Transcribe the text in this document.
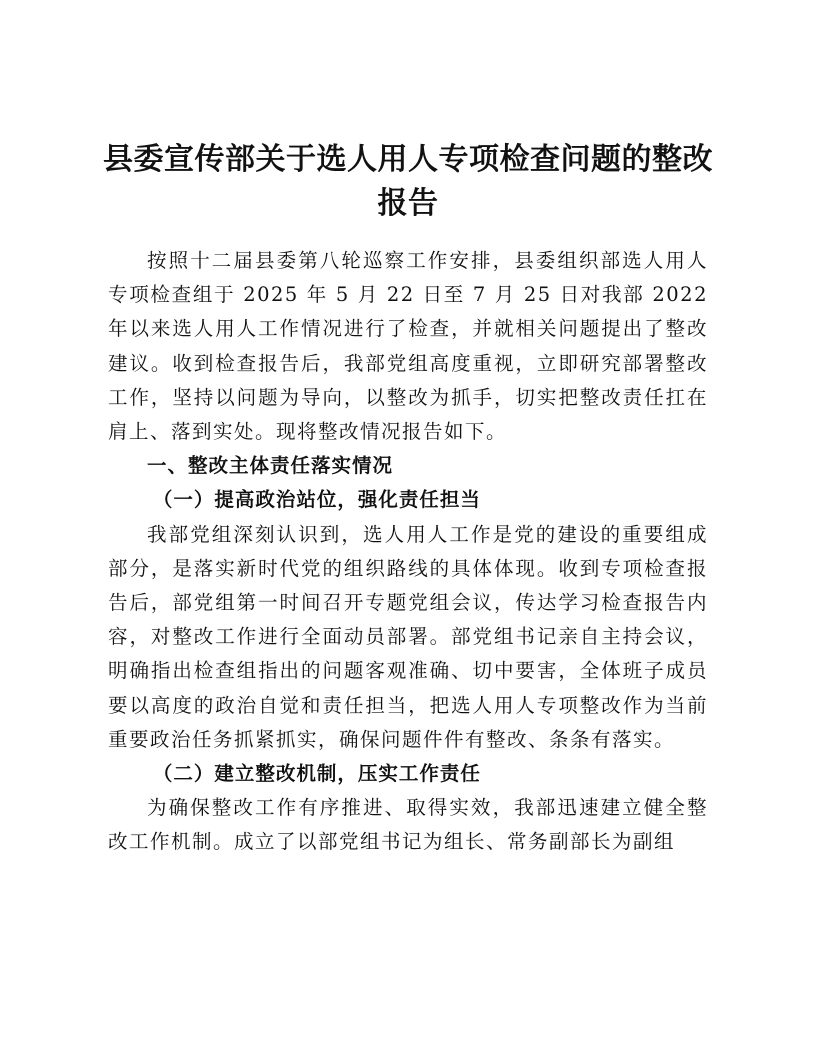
县委宣传部关于选人用人专项检查问题的整改报告

按照十二届县委第八轮巡察工作安排，县委组织部选人用人专项检查组于 2025 年 5 月 22 日至 7 月 25 日对我部 2022 年以来选人用人工作情况进行了检查，并就相关问题提出了整改建议。收到检查报告后，我部党组高度重视，立即研究部署整改工作，坚持以问题为导向，以整改为抓手，切实把整改责任扛在肩上、落到实处。现将整改情况报告如下。

一、整改主体责任落实情况

（一）提高政治站位，强化责任担当

我部党组深刻认识到，选人用人工作是党的建设的重要组成部分，是落实新时代党的组织路线的具体体现。收到专项检查报告后，部党组第一时间召开专题党组会议，传达学习检查报告内容，对整改工作进行全面动员部署。部党组书记亲自主持会议，明确指出检查组指出的问题客观准确、切中要害，全体班子成员要以高度的政治自觉和责任担当，把选人用人专项整改作为当前重要政治任务抓紧抓实，确保问题件件有整改、条条有落实。

（二）建立整改机制，压实工作责任

为确保整改工作有序推进、取得实效，我部迅速建立健全整改工作机制。成立了以部党组书记为组长、常务副部长为副组
